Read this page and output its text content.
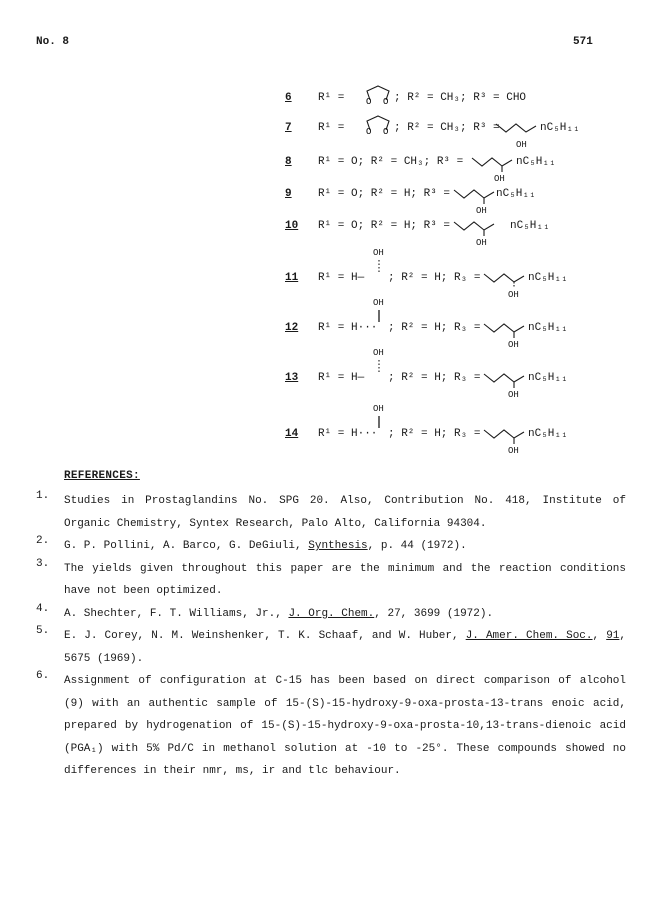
No. 8	571
6 R¹ = O O ; R² = CH₃; R³ = CHO
7 R¹ = O O ; R² = CH₃; R³ =	nC₅H₁₁
OH
8 R¹ = O; R² = CH₃; R³ =	nC₅H₁₁
OH
9 R¹ = O; R² = H; R³ =	nC₅H₁₁
OH
10 R¹ = O; R² = H; R³ =	nC₅H₁₁
OH
OH
11 R¹ = H— ; R² = H; R₃ =	nC₅H₁₁
OH
OH
12 R¹ = H··· ; R² = H; R₃ =	nC₅H₁₁
OH
OH
13 R¹ = H— ; R² = H; R₃ =	nC₅H₁₁
OH
OH
14 R¹ = H··· ; R² = H; R₃ =	nC₅H₁₁
OH
REFERENCES:
1.	Studies in Prostaglandins No. SPG 20. Also, Contribution No. 418, Institute of Organic Chemistry, Syntex Research, Palo Alto, California 94304.
2.	G. P. Pollini, A. Barco, G. DeGiuli, Synthesis, p. 44 (1972).
3.	The yields given throughout this paper are the minimum and the reaction conditions have not been optimized.
4.	A. Shechter, F. T. Williams, Jr., J. Org. Chem., 27, 3699 (1972).
5.	E. J. Corey, N. M. Weinshenker, T. K. Schaaf, and W. Huber, J. Amer. Chem. Soc., 91, 5675 (1969).
6.	Assignment of configuration at C-15 has been based on direct comparison of alcohol (9) with an authentic sample of 15-(S)-15-hydroxy-9-oxa-prosta-13-trans enoic acid, prepared by hydrogenation of 15-(S)-15-hydroxy-9-oxa-prosta-10,13-trans-dienoic acid (PGA₁) with 5% Pd/C in methanol solution at -10 to -25°. These compounds showed no differences in their nmr, ms, ir and tlc behaviour.
